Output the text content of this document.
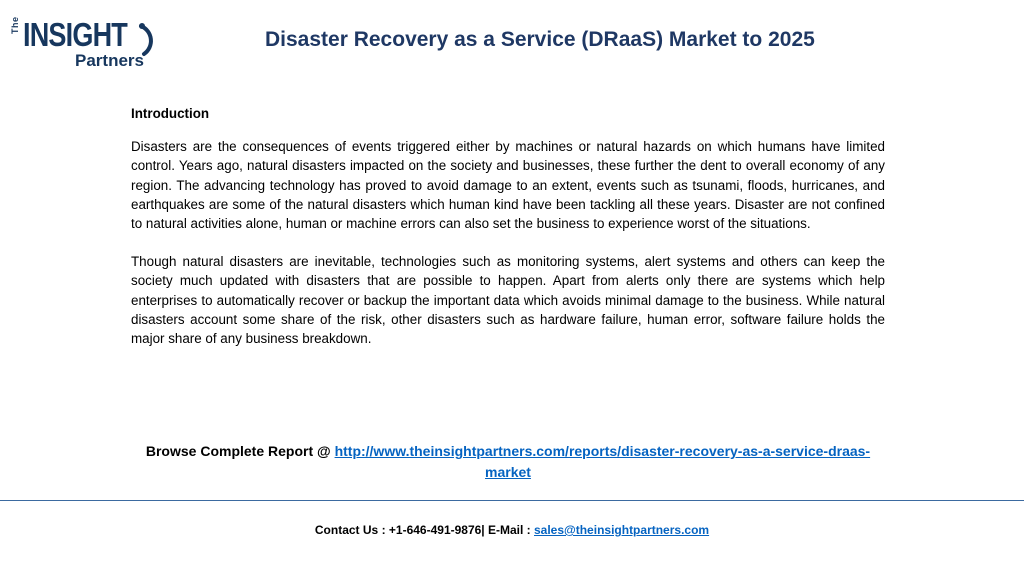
The INSIGHT
Partners
Disaster Recovery as a Service (DRaaS) Market to 2025
Introduction

Disasters are the consequences of events triggered either by machines or natural hazards on which humans have limited control. Years ago, natural disasters impacted on the society and businesses, these further the dent to overall economy of any region. The advancing technology has proved to avoid damage to an extent, events such as tsunami, floods, hurricanes, and earthquakes are some of the natural disasters which human kind have been tackling all these years. Disaster are not confined to natural activities alone, human or machine errors can also set the business to experience worst of the situations.

Though natural disasters are inevitable, technologies such as monitoring systems, alert systems and others can keep the society much updated with disasters that are possible to happen. Apart from alerts only there are systems which help enterprises to automatically recover or backup the important data which avoids minimal damage to the business. While natural disasters account some share of the risk, other disasters such as hardware failure, human error, software failure holds the major share of any business breakdown.

Browse Complete Report @ http://www.theinsightpartners.com/reports/disaster-recovery-as-a-service-draas-market
Contact Us : +1-646-491-9876| E-Mail : sales@theinsightpartners.com
